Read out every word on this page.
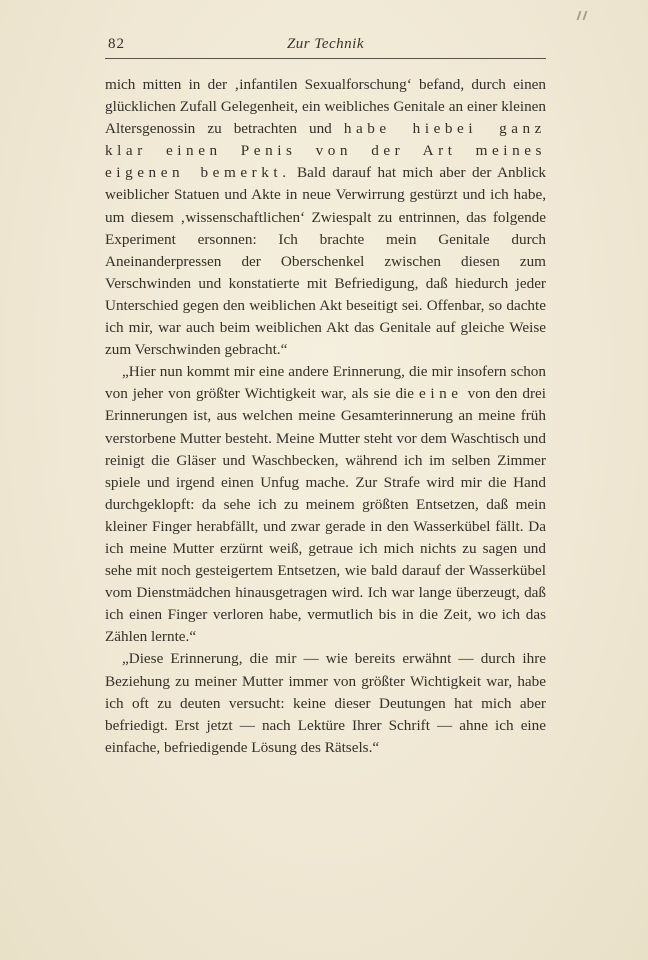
82	Zur Technik

mich mitten in der ‚infantilen Sexualforschung‘ befand, durch einen glücklichen Zufall Gelegenheit, ein weibliches Genitale an einer kleinen Altersgenossin zu betrachten und habe hiebei ganz klar einen Penis von der Art meines eigenen bemerkt. Bald darauf hat mich aber der Anblick weiblicher Statuen und Akte in neue Verwirrung gestürzt und ich habe, um diesem ‚wissenschaftlichen‘ Zwiespalt zu entrinnen, das folgende Experiment ersonnen: Ich brachte mein Genitale durch Aneinanderpressen der Oberschenkel zwischen diesen zum Verschwinden und konstatierte mit Befriedigung, daß hiedurch jeder Unterschied gegen den weiblichen Akt beseitigt sei. Offenbar, so dachte ich mir, war auch beim weiblichen Akt das Genitale auf gleiche Weise zum Verschwinden gebracht.“

„Hier nun kommt mir eine andere Erinnerung, die mir insofern schon von jeher von größter Wichtigkeit war, als sie die eine von den drei Erinnerungen ist, aus welchen meine Gesamterinnerung an meine früh verstorbene Mutter besteht. Meine Mutter steht vor dem Waschtisch und reinigt die Gläser und Waschbecken, während ich im selben Zimmer spiele und irgend einen Unfug mache. Zur Strafe wird mir die Hand durchgeklopft: da sehe ich zu meinem größten Entsetzen, daß mein kleiner Finger herabfällt, und zwar gerade in den Wasserkübel fällt. Da ich meine Mutter erzürnt weiß, getraue ich mich nichts zu sagen und sehe mit noch gesteigertem Entsetzen, wie bald darauf der Wasserkübel vom Dienstmädchen hinausgetragen wird. Ich war lange überzeugt, daß ich einen Finger verloren habe, vermutlich bis in die Zeit, wo ich das Zählen lernte.“

„Diese Erinnerung, die mir — wie bereits erwähnt — durch ihre Beziehung zu meiner Mutter immer von größter Wichtigkeit war, habe ich oft zu deuten versucht: keine dieser Deutungen hat mich aber befriedigt. Erst jetzt — nach Lektüre Ihrer Schrift — ahne ich eine einfache, befriedigende Lösung des Rätsels.“
